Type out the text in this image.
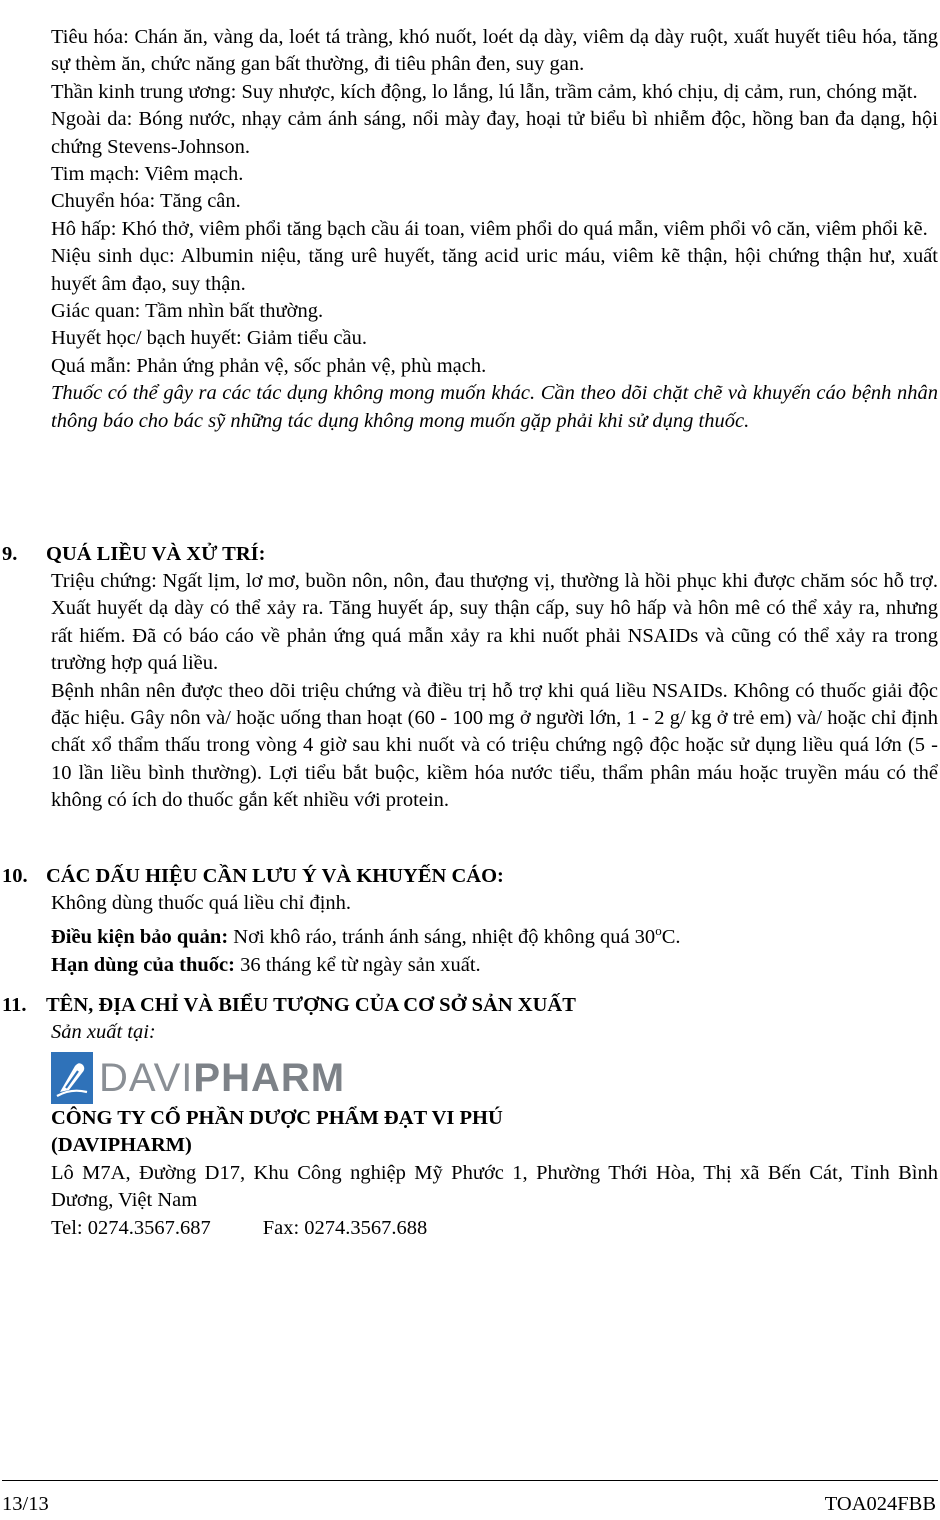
Tiêu hóa: Chán ăn, vàng da, loét tá tràng, khó nuốt, loét dạ dày, viêm dạ dày ruột, xuất huyết tiêu hóa, tăng sự thèm ăn, chức năng gan bất thường, đi tiêu phân đen, suy gan.

Thần kinh trung ương: Suy nhược, kích động, lo lắng, lú lẫn, trầm cảm, khó chịu, dị cảm, run, chóng mặt.

Ngoài da: Bóng nước, nhạy cảm ánh sáng, nổi mày đay, hoại tử biểu bì nhiễm độc, hồng ban đa dạng, hội chứng Stevens-Johnson.

Tim mạch: Viêm mạch.

Chuyển hóa: Tăng cân.

Hô hấp: Khó thở, viêm phổi tăng bạch cầu ái toan, viêm phổi do quá mẫn, viêm phổi vô căn, viêm phổi kẽ.

Niệu sinh dục: Albumin niệu, tăng urê huyết, tăng acid uric máu, viêm kẽ thận, hội chứng thận hư, xuất huyết âm đạo, suy thận.

Giác quan: Tầm nhìn bất thường.

Huyết học/ bạch huyết: Giảm tiểu cầu.

Quá mẫn: Phản ứng phản vệ, sốc phản vệ, phù mạch.

Thuốc có thể gây ra các tác dụng không mong muốn khác. Cần theo dõi chặt chẽ và khuyến cáo bệnh nhân thông báo cho bác sỹ những tác dụng không mong muốn gặp phải khi sử dụng thuốc.

9. QUÁ LIỀU VÀ XỬ TRÍ:

Triệu chứng: Ngất lịm, lơ mơ, buồn nôn, nôn, đau thượng vị, thường là hồi phục khi được chăm sóc hỗ trợ. Xuất huyết dạ dày có thể xảy ra. Tăng huyết áp, suy thận cấp, suy hô hấp và hôn mê có thể xảy ra, nhưng rất hiếm. Đã có báo cáo về phản ứng quá mẫn xảy ra khi nuốt phải NSAIDs và cũng có thể xảy ra trong trường hợp quá liều.

Bệnh nhân nên được theo dõi triệu chứng và điều trị hỗ trợ khi quá liều NSAIDs. Không có thuốc giải độc đặc hiệu. Gây nôn và/ hoặc uống than hoạt (60 - 100 mg ở người lớn, 1 - 2 g/ kg ở trẻ em) và/ hoặc chỉ định chất xổ thẩm thấu trong vòng 4 giờ sau khi nuốt và có triệu chứng ngộ độc hoặc sử dụng liều quá lớn (5 - 10 lần liều bình thường). Lợi tiểu bắt buộc, kiềm hóa nước tiểu, thẩm phân máu hoặc truyền máu có thể không có ích do thuốc gắn kết nhiều với protein.

10. CÁC DẤU HIỆU CẦN LƯU Ý VÀ KHUYẾN CÁO:

Không dùng thuốc quá liều chỉ định.

Điều kiện bảo quản: Nơi khô ráo, tránh ánh sáng, nhiệt độ không quá 30$^o$C.

Hạn dùng của thuốc: 36 tháng kể từ ngày sản xuất.

11. TÊN, ĐỊA CHỈ VÀ BIỂU TƯỢNG CỦA CƠ SỞ SẢN XUẤT
Sản xuất tại:
DAVIPHARM

CÔNG TY CỔ PHẦN DƯỢC PHẨM ĐẠT VI PHÚ

(DAVIPHARM)

Lô M7A, Đường D17, Khu Công nghiệp Mỹ Phước 1, Phường Thới Hòa, Thị xã Bến Cát, Tỉnh Bình Dương, Việt Nam

Tel: 0274.3567.687	Fax: 0274.3567.688

13/13	TOA024FBB
